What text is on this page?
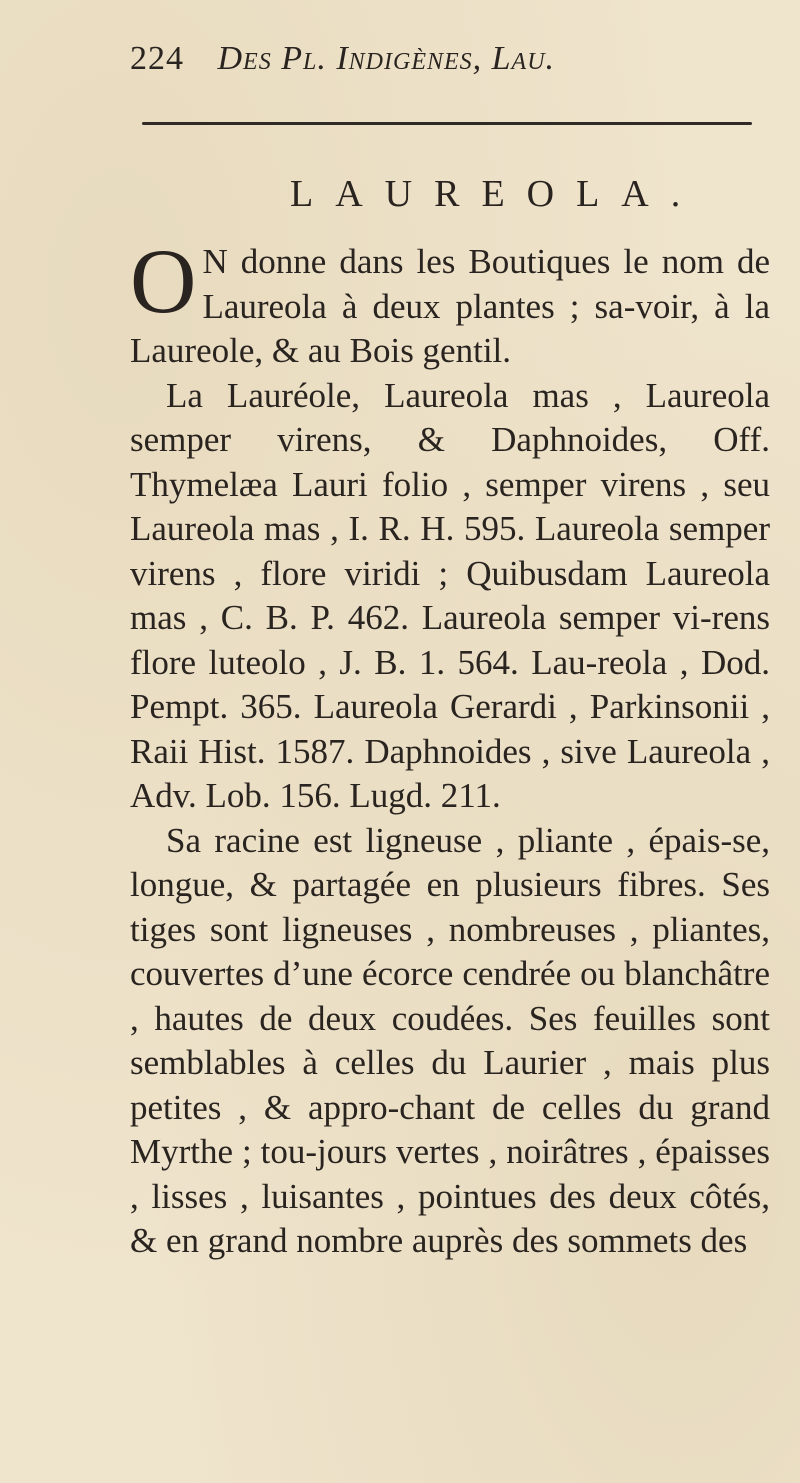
224 Des Pl. Indigènes, Lau.
LAUREOLA.

O N donne dans les Boutiques le nom de Laureola à deux plantes ; sa-voir, à la Laureole, & au Bois gentil.

La Lauréole, Laureola mas , Laureola semper virens, & Daphnoides, Off. Thymelæa Lauri folio , semper virens , seu Laureola mas , I. R. H. 595. Laureola semper virens , flore viridi ; Quibusdam Laureola mas , C. B. P. 462. Laureola semper vi-rens flore luteolo , J. B. 1. 564. Lau-reola , Dod. Pempt. 365. Laureola Gerardi , Parkinsonii , Raii Hist. 1587. Daphnoides , sive Laureola , Adv. Lob. 156. Lugd. 211.

Sa racine est ligneuse , pliante , épais-se, longue, & partagée en plusieurs fibres. Ses tiges sont ligneuses , nombreuses , pliantes, couvertes d’une écorce cendrée ou blanchâtre , hautes de deux coudées. Ses feuilles sont semblables à celles du Laurier , mais plus petites , & appro-chant de celles du grand Myrthe ; tou-jours vertes , noirâtres , épaisses , lisses , luisantes , pointues des deux côtés, & en grand nombre auprès des sommets des
